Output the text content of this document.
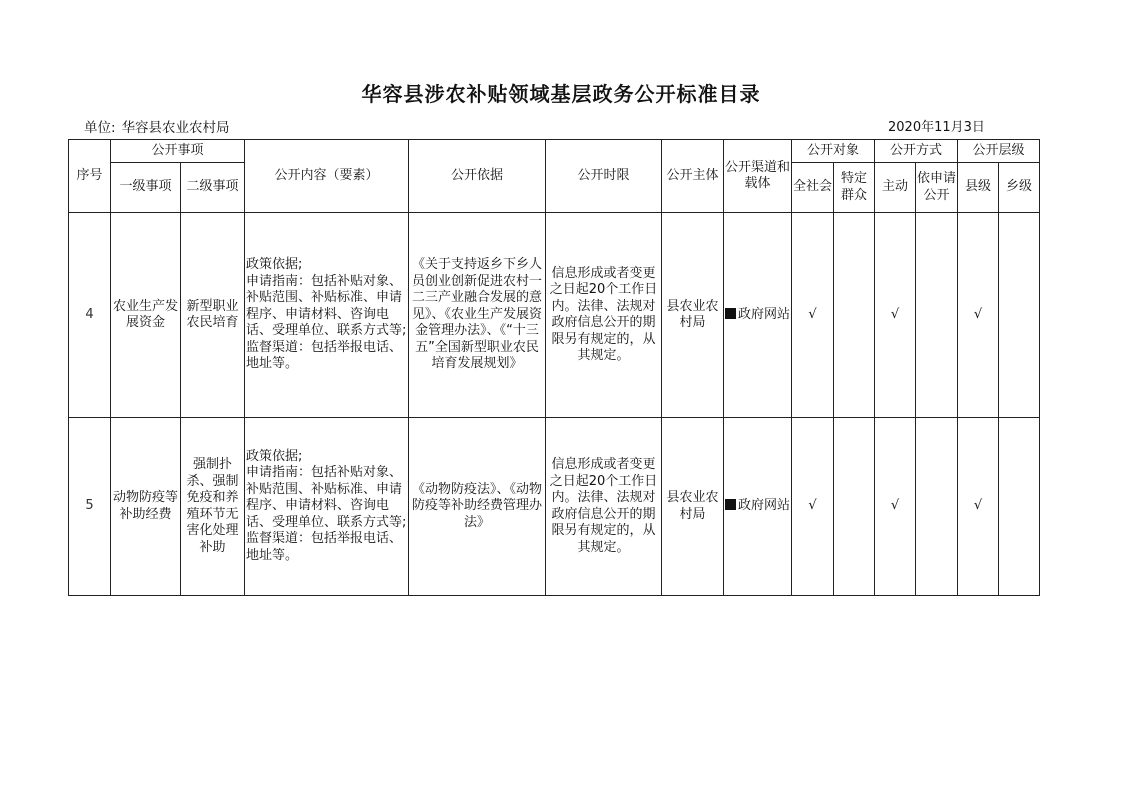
华容县涉农补贴领域基层政务公开标准目录
单位: 华容县农业农村局	2020年11月3日
序号	公开事项		公开内容（要素）	公开依据	公开时限	公开主体	公开渠道和载体	公开对象		公开方式		公开层级	
	一级事项	二级事项						全社会	特定群众	主动	依申请公开	县级	乡级
4	农业生产发展资金	新型职业农民培育	政策依据;
申请指南：包括补贴对象、补贴范围、补贴标准、申请程序、申请材料、咨询电话、受理单位、联系方式等;
监督渠道：包括举报电话、地址等。	《关于支持返乡下乡人员创业创新促进农村一二三产业融合发展的意见》、《农业生产发展资金管理办法》、《“十三五”全国新型职业农民培育发展规划》	信息形成或者变更之日起20个工作日内。法律、法规对政府信息公开的期限另有规定的，从其规定。	县农业农村局	政府网站	√		√		√	
5	动物防疫等补助经费	强制扑杀、强制免疫和养殖环节无害化处理补助	政策依据;
申请指南：包括补贴对象、补贴范围、补贴标准、申请程序、申请材料、咨询电话、受理单位、联系方式等;
监督渠道：包括举报电话、地址等。	《动物防疫法》、《动物防疫等补助经费管理办法》	信息形成或者变更之日起20个工作日内。法律、法规对政府信息公开的期限另有规定的，从其规定。	县农业农村局	政府网站	√		√		√	
